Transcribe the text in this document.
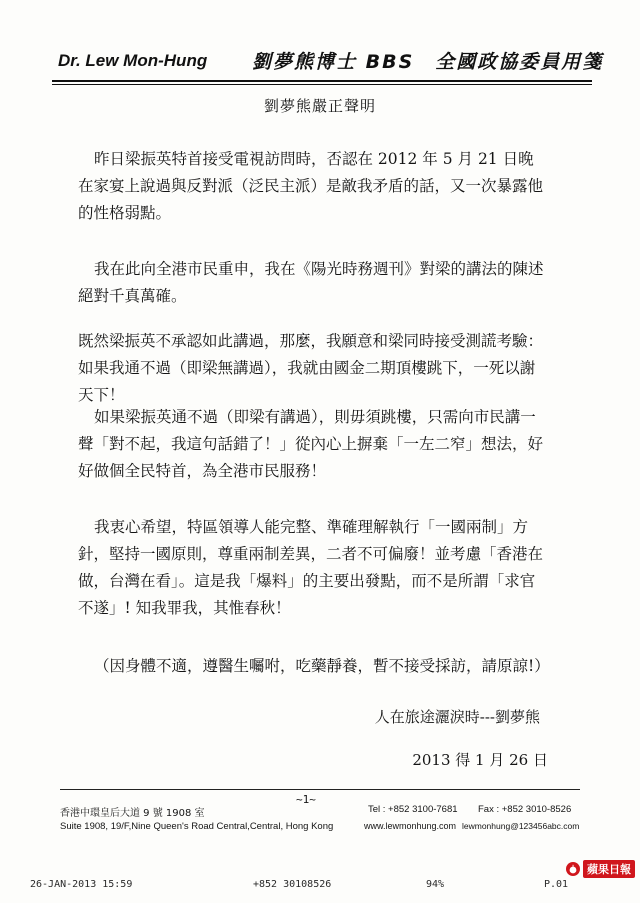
Dr. Lew Mon-Hung 劉夢熊博士 BBS　全國政協委員用箋
劉夢熊嚴正聲明

昨日梁振英特首接受電視訪問時，否認在 2012 年 5 月 21 日晚在家宴上說過與反對派（泛民主派）是敵我矛盾的話，又一次暴露他的性格弱點。

我在此向全港市民重申，我在《陽光時務週刊》對梁的講法的陳述絕對千真萬確。

既然梁振英不承認如此講過，那麼，我願意和梁同時接受測謊考驗：如果我通不過（即梁無講過），我就由國金二期頂樓跳下，一死以謝天下！

如果梁振英通不過（即梁有講過），則毋須跳樓，只需向市民講一聲「對不起，我這句話錯了！」從內心上摒棄「一左二窄」想法，好好做個全民特首，為全港市民服務！

我衷心希望，特區領導人能完整、準確理解執行「一國兩制」方針，堅持一國原則，尊重兩制差異，二者不可偏廢！並考慮「香港在做，台灣在看」。這是我「爆料」的主要出發點，而不是所謂「求官不遂」! 知我罪我，其惟春秋！

（因身體不適，遵醫生囑咐，吃藥靜養，暫不接受採訪，請原諒!）

人在旅途灑淚時---劉夢熊
2013 得 1 月 26 日
~1~
香港中環皇后大道 9 號 1908 室
Suite 1908, 19/F,Nine Queen's Road Central,Central, Hong Kong
Tel : +852 3100-7681 Fax : +852 3010-8526
www.lewmonhung.com lewmonhung@123456abc.com
26-JAN-2013 15:59	+852 30108526	94%	P.01
蘋果日報
